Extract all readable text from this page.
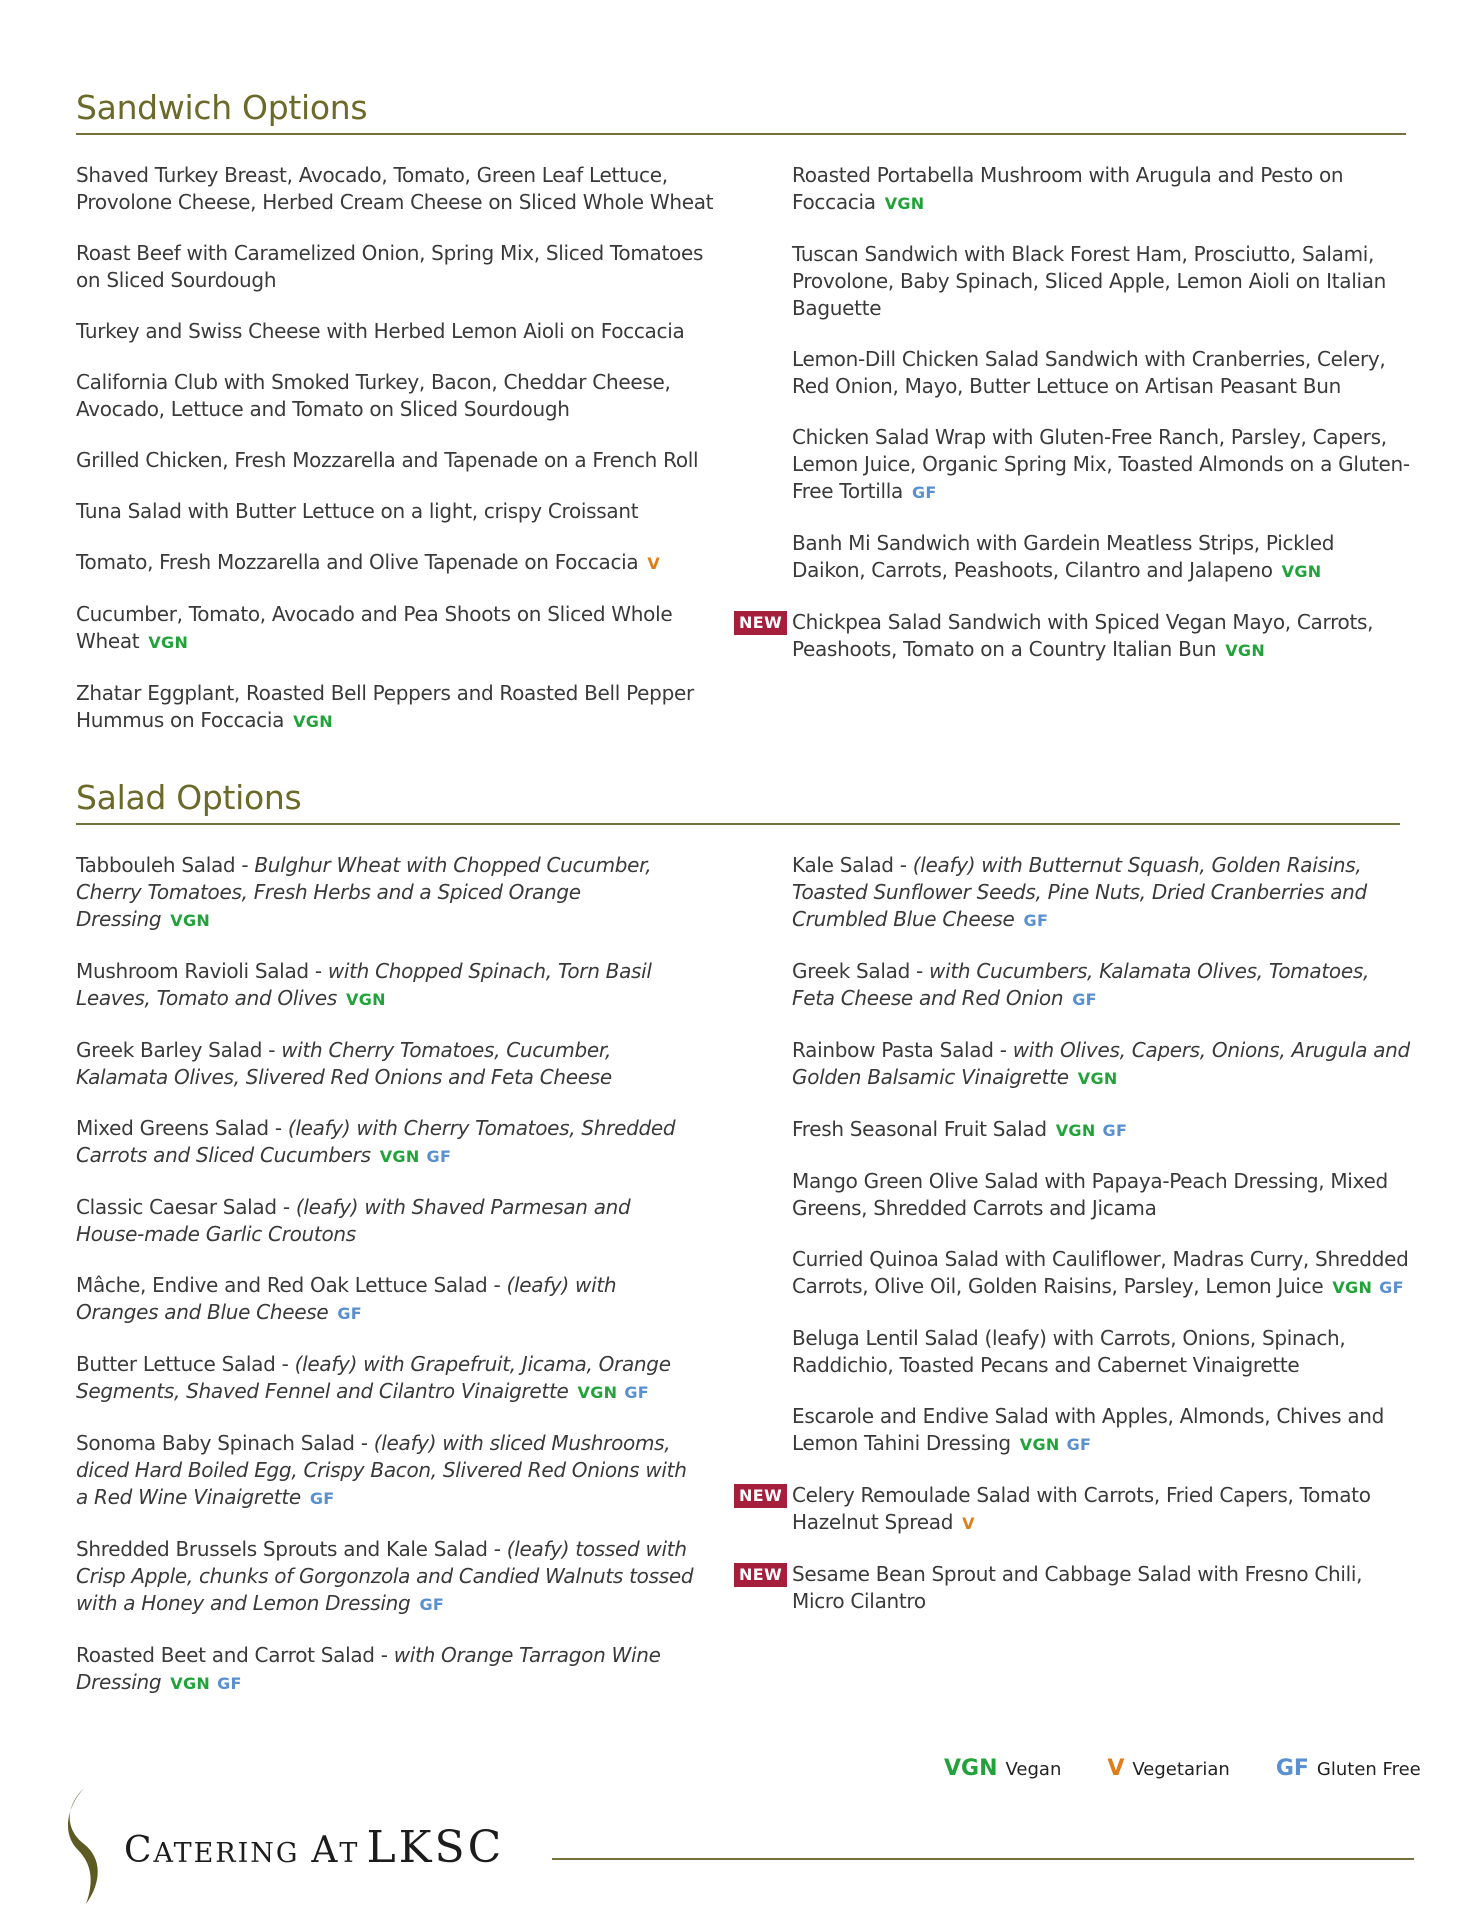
Sandwich Options
Shaved Turkey Breast, Avocado, Tomato, Green Leaf Lettuce, Provolone Cheese, Herbed Cream Cheese on Sliced Whole Wheat
Roast Beef with Caramelized Onion, Spring Mix, Sliced Tomatoes on Sliced Sourdough
Turkey and Swiss Cheese with Herbed Lemon Aioli on Foccacia
California Club with Smoked Turkey, Bacon, Cheddar Cheese, Avocado, Lettuce and Tomato on Sliced Sourdough
Grilled Chicken, Fresh Mozzarella and Tapenade on a French Roll
Tuna Salad with Butter Lettuce on a light, crispy Croissant
Tomato, Fresh Mozzarella and Olive Tapenade on Foccacia V
Cucumber, Tomato, Avocado and Pea Shoots on Sliced Whole Wheat VGN
Zhatar Eggplant, Roasted Bell Peppers and Roasted Bell Pepper Hummus on Foccacia VGN
Roasted Portabella Mushroom with Arugula and Pesto on Foccacia VGN
Tuscan Sandwich with Black Forest Ham, Prosciutto, Salami, Provolone, Baby Spinach, Sliced Apple, Lemon Aioli on Italian Baguette
Lemon-Dill Chicken Salad Sandwich with Cranberries, Celery, Red Onion, Mayo, Butter Lettuce on Artisan Peasant Bun
Chicken Salad Wrap with Gluten-Free Ranch, Parsley, Capers, Lemon Juice, Organic Spring Mix, Toasted Almonds on a Gluten-Free Tortilla GF
Banh Mi Sandwich with Gardein Meatless Strips, Pickled Daikon, Carrots, Peashoots, Cilantro and Jalapeno VGN
NEW Chickpea Salad Sandwich with Spiced Vegan Mayo, Carrots, Peashoots, Tomato on a Country Italian Bun VGN
Salad Options
Tabbouleh Salad - Bulghur Wheat with Chopped Cucumber, Cherry Tomatoes, Fresh Herbs and a Spiced Orange Dressing VGN
Mushroom Ravioli Salad - with Chopped Spinach, Torn Basil Leaves, Tomato and Olives VGN
Greek Barley Salad - with Cherry Tomatoes, Cucumber, Kalamata Olives, Slivered Red Onions and Feta Cheese
Mixed Greens Salad - (leafy) with Cherry Tomatoes, Shredded Carrots and Sliced Cucumbers VGN GF
Classic Caesar Salad - (leafy) with Shaved Parmesan and House-made Garlic Croutons
Mâche, Endive and Red Oak Lettuce Salad - (leafy) with Oranges and Blue Cheese GF
Butter Lettuce Salad - (leafy) with Grapefruit, Jicama, Orange Segments, Shaved Fennel and Cilantro Vinaigrette VGN GF
Sonoma Baby Spinach Salad - (leafy) with sliced Mushrooms, diced Hard Boiled Egg, Crispy Bacon, Slivered Red Onions with a Red Wine Vinaigrette GF
Shredded Brussels Sprouts and Kale Salad - (leafy) tossed with Crisp Apple, chunks of Gorgonzola and Candied Walnuts tossed with a Honey and Lemon Dressing GF
Roasted Beet and Carrot Salad - with Orange Tarragon Wine Dressing VGN GF
Kale Salad - (leafy) with Butternut Squash, Golden Raisins, Toasted Sunflower Seeds, Pine Nuts, Dried Cranberries and Crumbled Blue Cheese GF
Greek Salad - with Cucumbers, Kalamata Olives, Tomatoes, Feta Cheese and Red Onion GF
Rainbow Pasta Salad - with Olives, Capers, Onions, Arugula and Golden Balsamic Vinaigrette VGN
Fresh Seasonal Fruit Salad VGN GF
Mango Green Olive Salad with Papaya-Peach Dressing, Mixed Greens, Shredded Carrots and Jicama
Curried Quinoa Salad with Cauliflower, Madras Curry, Shredded Carrots, Olive Oil, Golden Raisins, Parsley, Lemon Juice VGN GF
Beluga Lentil Salad (leafy) with Carrots, Onions, Spinach, Raddichio, Toasted Pecans and Cabernet Vinaigrette
Escarole and Endive Salad with Apples, Almonds, Chives and Lemon Tahini Dressing VGN GF
NEW Celery Remoulade Salad with Carrots, Fried Capers, Tomato Hazelnut Spread V
NEW Sesame Bean Sprout and Cabbage Salad with Fresno Chili, Micro Cilantro
VGN Vegan V Vegetarian GF Gluten Free
CATERING AT LKSC
